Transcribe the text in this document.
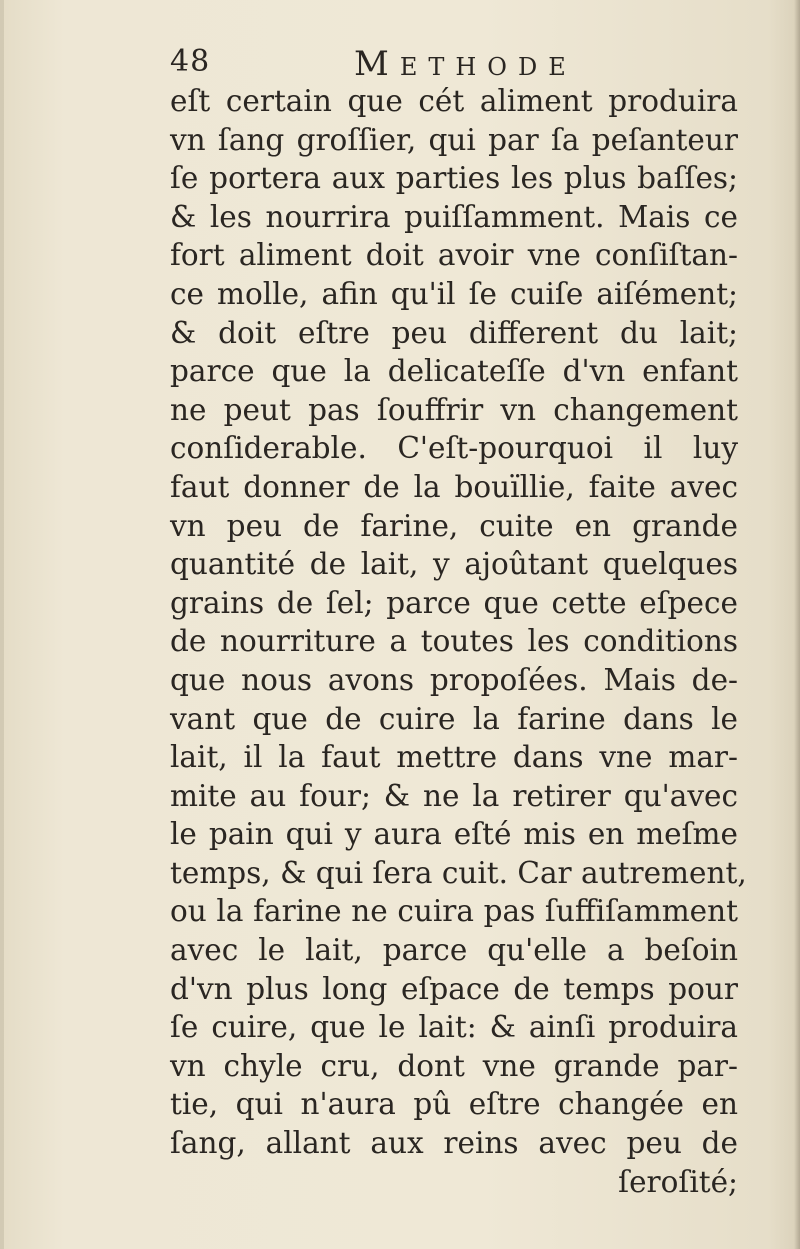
48	Methode
eſt certain que cét aliment produira
vn ſang groſſier, qui par ſa peſanteur
ſe portera aux parties les plus baſſes;
& les nourrira puiſſamment. Mais ce
fort aliment doit avoir vne conſiſtan-
ce molle, afin qu'il ſe cuiſe aiſément;
& doit eſtre peu different du lait;
parce que la delicateſſe d'vn enfant
ne peut pas ſouffrir vn changement
conſiderable. C'eſt-pourquoi il luy
faut donner de la bouïllie, faite avec
vn peu de farine, cuite en grande
quantité de lait, y ajoûtant quelques
grains de ſel; parce que cette eſpece
de nourriture a toutes les conditions
que nous avons propoſées. Mais de-
vant que de cuire la farine dans le
lait, il la faut mettre dans vne mar-
mite au four; & ne la retirer qu'avec
le pain qui y aura eſté mis en meſme
temps, & qui ſera cuit. Car autrement,
ou la farine ne cuira pas ſuffiſamment
avec le lait, parce qu'elle a beſoin
d'vn plus long eſpace de temps pour
ſe cuire, que le lait: & ainſi produira
vn chyle cru, dont vne grande par-
tie, qui n'aura pû eſtre changée en
ſang, allant aux reins avec peu de
ſeroſité;
